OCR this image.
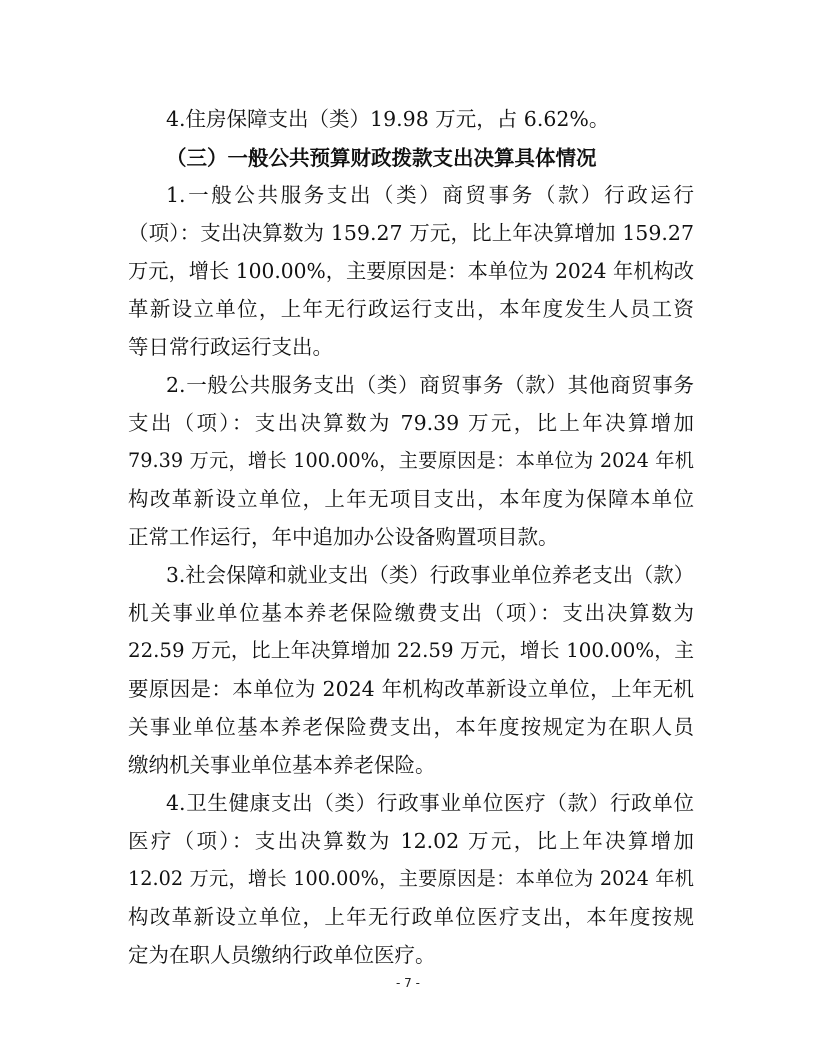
4.住房保障支出（类）19.98 万元，占 6.62%。
（三）一般公共预算财政拨款支出决算具体情况
1.一般公共服务支出（类）商贸事务（款）行政运行
（项）：支出决算数为 159.27 万元，比上年决算增加 159.27
万元，增长 100.00%，主要原因是：本单位为 2024 年机构改
革新设立单位，上年无行政运行支出，本年度发生人员工资
等日常行政运行支出。
2.一般公共服务支出（类）商贸事务（款）其他商贸事务
支出（项）：支出决算数为 79.39 万元，比上年决算增加
79.39 万元，增长 100.00%，主要原因是：本单位为 2024 年机
构改革新设立单位，上年无项目支出，本年度为保障本单位
正常工作运行，年中追加办公设备购置项目款。
3.社会保障和就业支出（类）行政事业单位养老支出（款）
机关事业单位基本养老保险缴费支出（项）：支出决算数为
22.59 万元，比上年决算增加 22.59 万元，增长 100.00%，主
要原因是：本单位为 2024 年机构改革新设立单位，上年无机
关事业单位基本养老保险费支出，本年度按规定为在职人员
缴纳机关事业单位基本养老保险。
4.卫生健康支出（类）行政事业单位医疗（款）行政单位
医疗（项）：支出决算数为 12.02 万元，比上年决算增加
12.02 万元，增长 100.00%，主要原因是：本单位为 2024 年机
构改革新设立单位，上年无行政单位医疗支出，本年度按规
定为在职人员缴纳行政单位医疗。
- 7 -
